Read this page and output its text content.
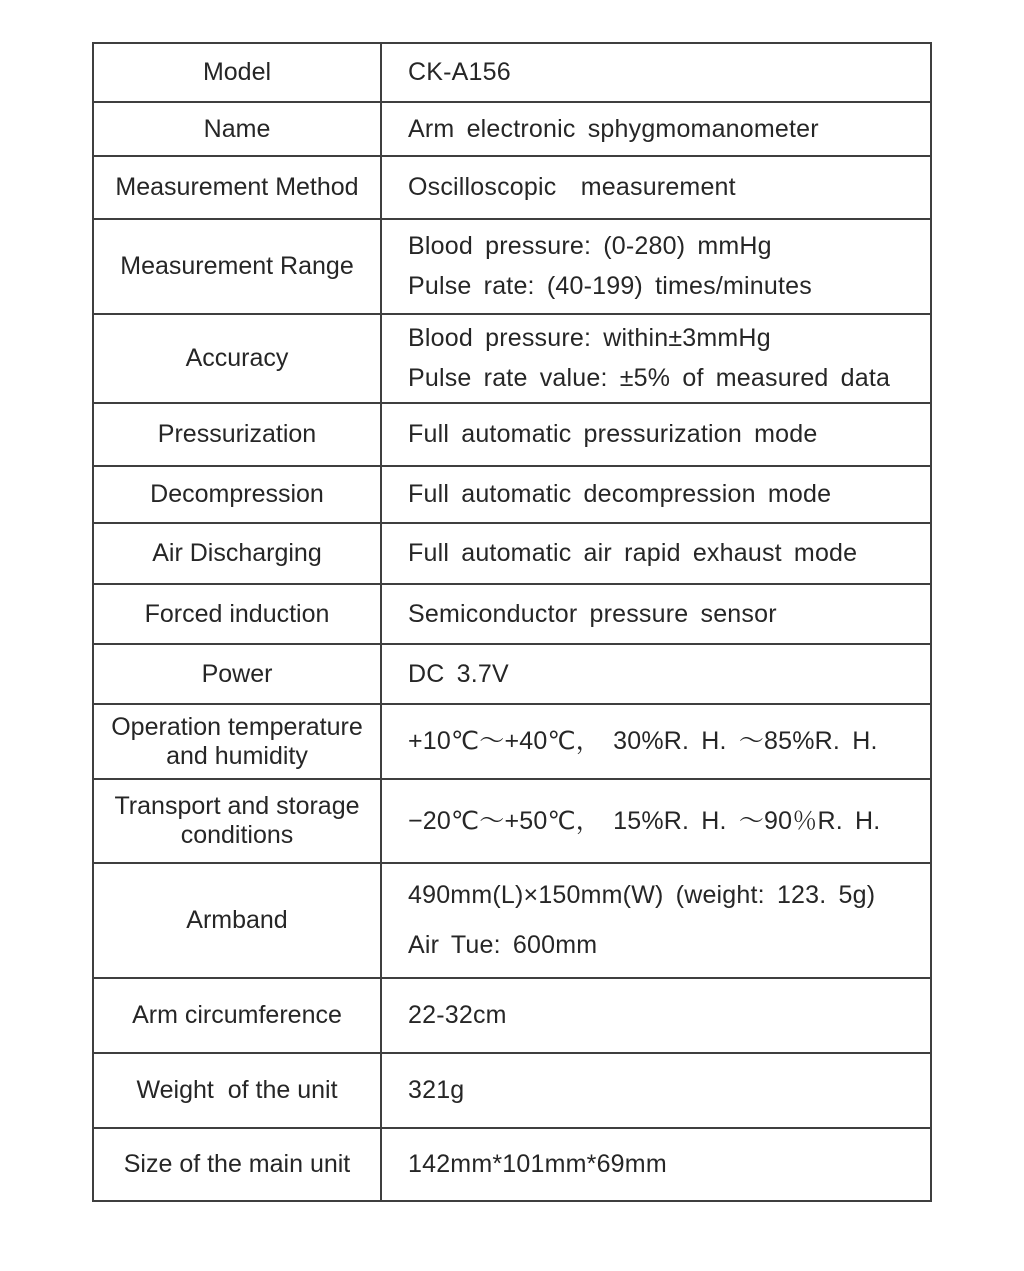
Model	CK-A156

Name	Arm electronic sphygmomanometer

Measurement Method	Oscilloscopic  measurement

Measurement Range	Blood pressure: (0-280) mmHg
Pulse rate: (40-199) times/minutes

Accuracy	Blood pressure: within±3mmHg
Pulse rate value: ±5% of measured data

Pressurization	Full automatic pressurization mode

Decompression	Full automatic decompression mode

Air Discharging	Full automatic air rapid exhaust mode

Forced induction	Semiconductor pressure sensor

Power	DC 3.7V

Operation temperature and humidity	+10℃～+40℃， 30%R. H. ～85%R. H.

Transport and storage conditions	−20℃～+50℃， 15%R. H. ～90％R. H.

Armband	490mm(L)×150mm(W) (weight: 123. 5g)
Air Tue: 600mm

Arm circumference	22-32cm

Weight  of the unit	321g

Size of the main unit	142mm*101mm*69mm
